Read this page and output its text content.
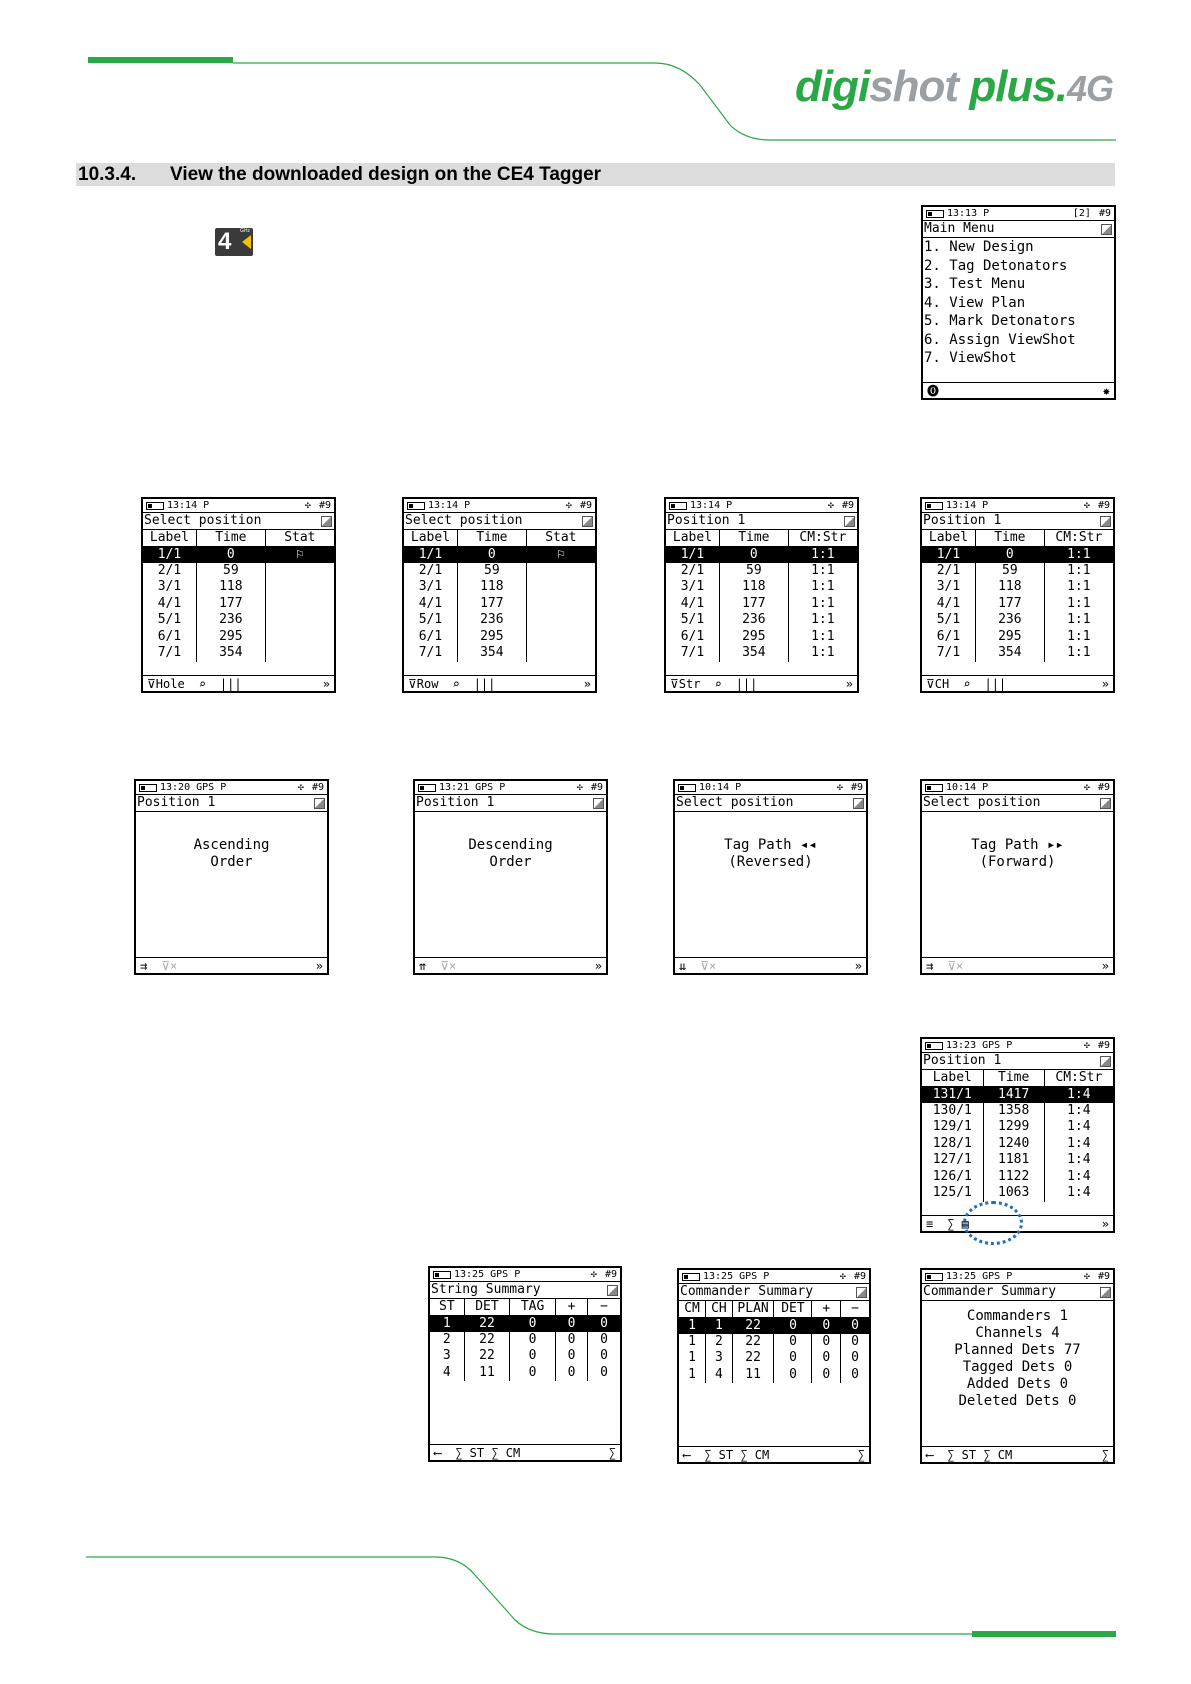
digishot plus.4G
10.3.4. View the downloaded design on the CE4 Tagger
4 GHz
13:13
P	[2] #9
Main Menu
1. New Design
2. Tag Detonators
3. Test Menu
4. View Plan
5. Mark Detonators
6. Assign ViewShot
7. ViewShot
⓿	✸
13:14
P	✣ #9
Select position
Label	Time	Stat
1/1	0	⚐
2/1	59	
3/1	118	
4/1	177	
5/1	236	
6/1	295	
7/1	354	
⊽Hole ⌕ |||	»
13:14
P	✣ #9
Select position
Label	Time	Stat
1/1	0	⚐
2/1	59	
3/1	118	
4/1	177	
5/1	236	
6/1	295	
7/1	354	
⊽Row ⌕ |||	»
13:14
P	✣ #9
Position 1
Label	Time	CM:Str
1/1	0	1:1
2/1	59	1:1
3/1	118	1:1
4/1	177	1:1
5/1	236	1:1
6/1	295	1:1
7/1	354	1:1
⊽Str ⌕ |||	»
13:14
P	✣ #9
Position 1
Label	Time	CM:Str
1/1	0	1:1
2/1	59	1:1
3/1	118	1:1
4/1	177	1:1
5/1	236	1:1
6/1	295	1:1
7/1	354	1:1
⊽CH ⌕ |||	»
13:20
GPS P	✣ #9
Position 1
Ascending
Order
⇉ ⊽×	»
13:21
GPS P	✣ #9
Position 1
Descending
Order
⇈ ⊽×	»
10:14
P	✣ #9
Select position
Tag Path ◂◂
(Reversed)
⇊ ⊽×	»
10:14
P	✣ #9
Select position
Tag Path ▸▸
(Forward)
⇉ ⊽×	»
13:23
GPS P	✣ #9
Position 1
Label	Time	CM:Str
131/1	1417	1:4
130/1	1358	1:4
129/1	1299	1:4
128/1	1240	1:4
127/1	1181	1:4
126/1	1122	1:4
125/1	1063	1:4
≡ ∑ ▤	»
13:25
GPS P	✣ #9
String Summary
ST	DET	TAG	+	−
1	22	0	0	0
2	22	0	0	0
3	22	0	0	0
4	11	0	0	0
⟵ ∑ ST ∑ CM	∑
13:25
GPS P	✣ #9
Commander Summary
CM	CH	PLAN	DET	+	−
1	1	22	0	0	0
1	2	22	0	0	0
1	3	22	0	0	0
1	4	11	0	0	0
⟵ ∑ ST ∑ CM	∑
13:25
GPS P	✣ #9
Commander Summary
Commanders 1
Channels 4
Planned Dets 77
Tagged Dets 0
Added Dets 0
Deleted Dets 0
⟵ ∑ ST ∑ CM	∑
